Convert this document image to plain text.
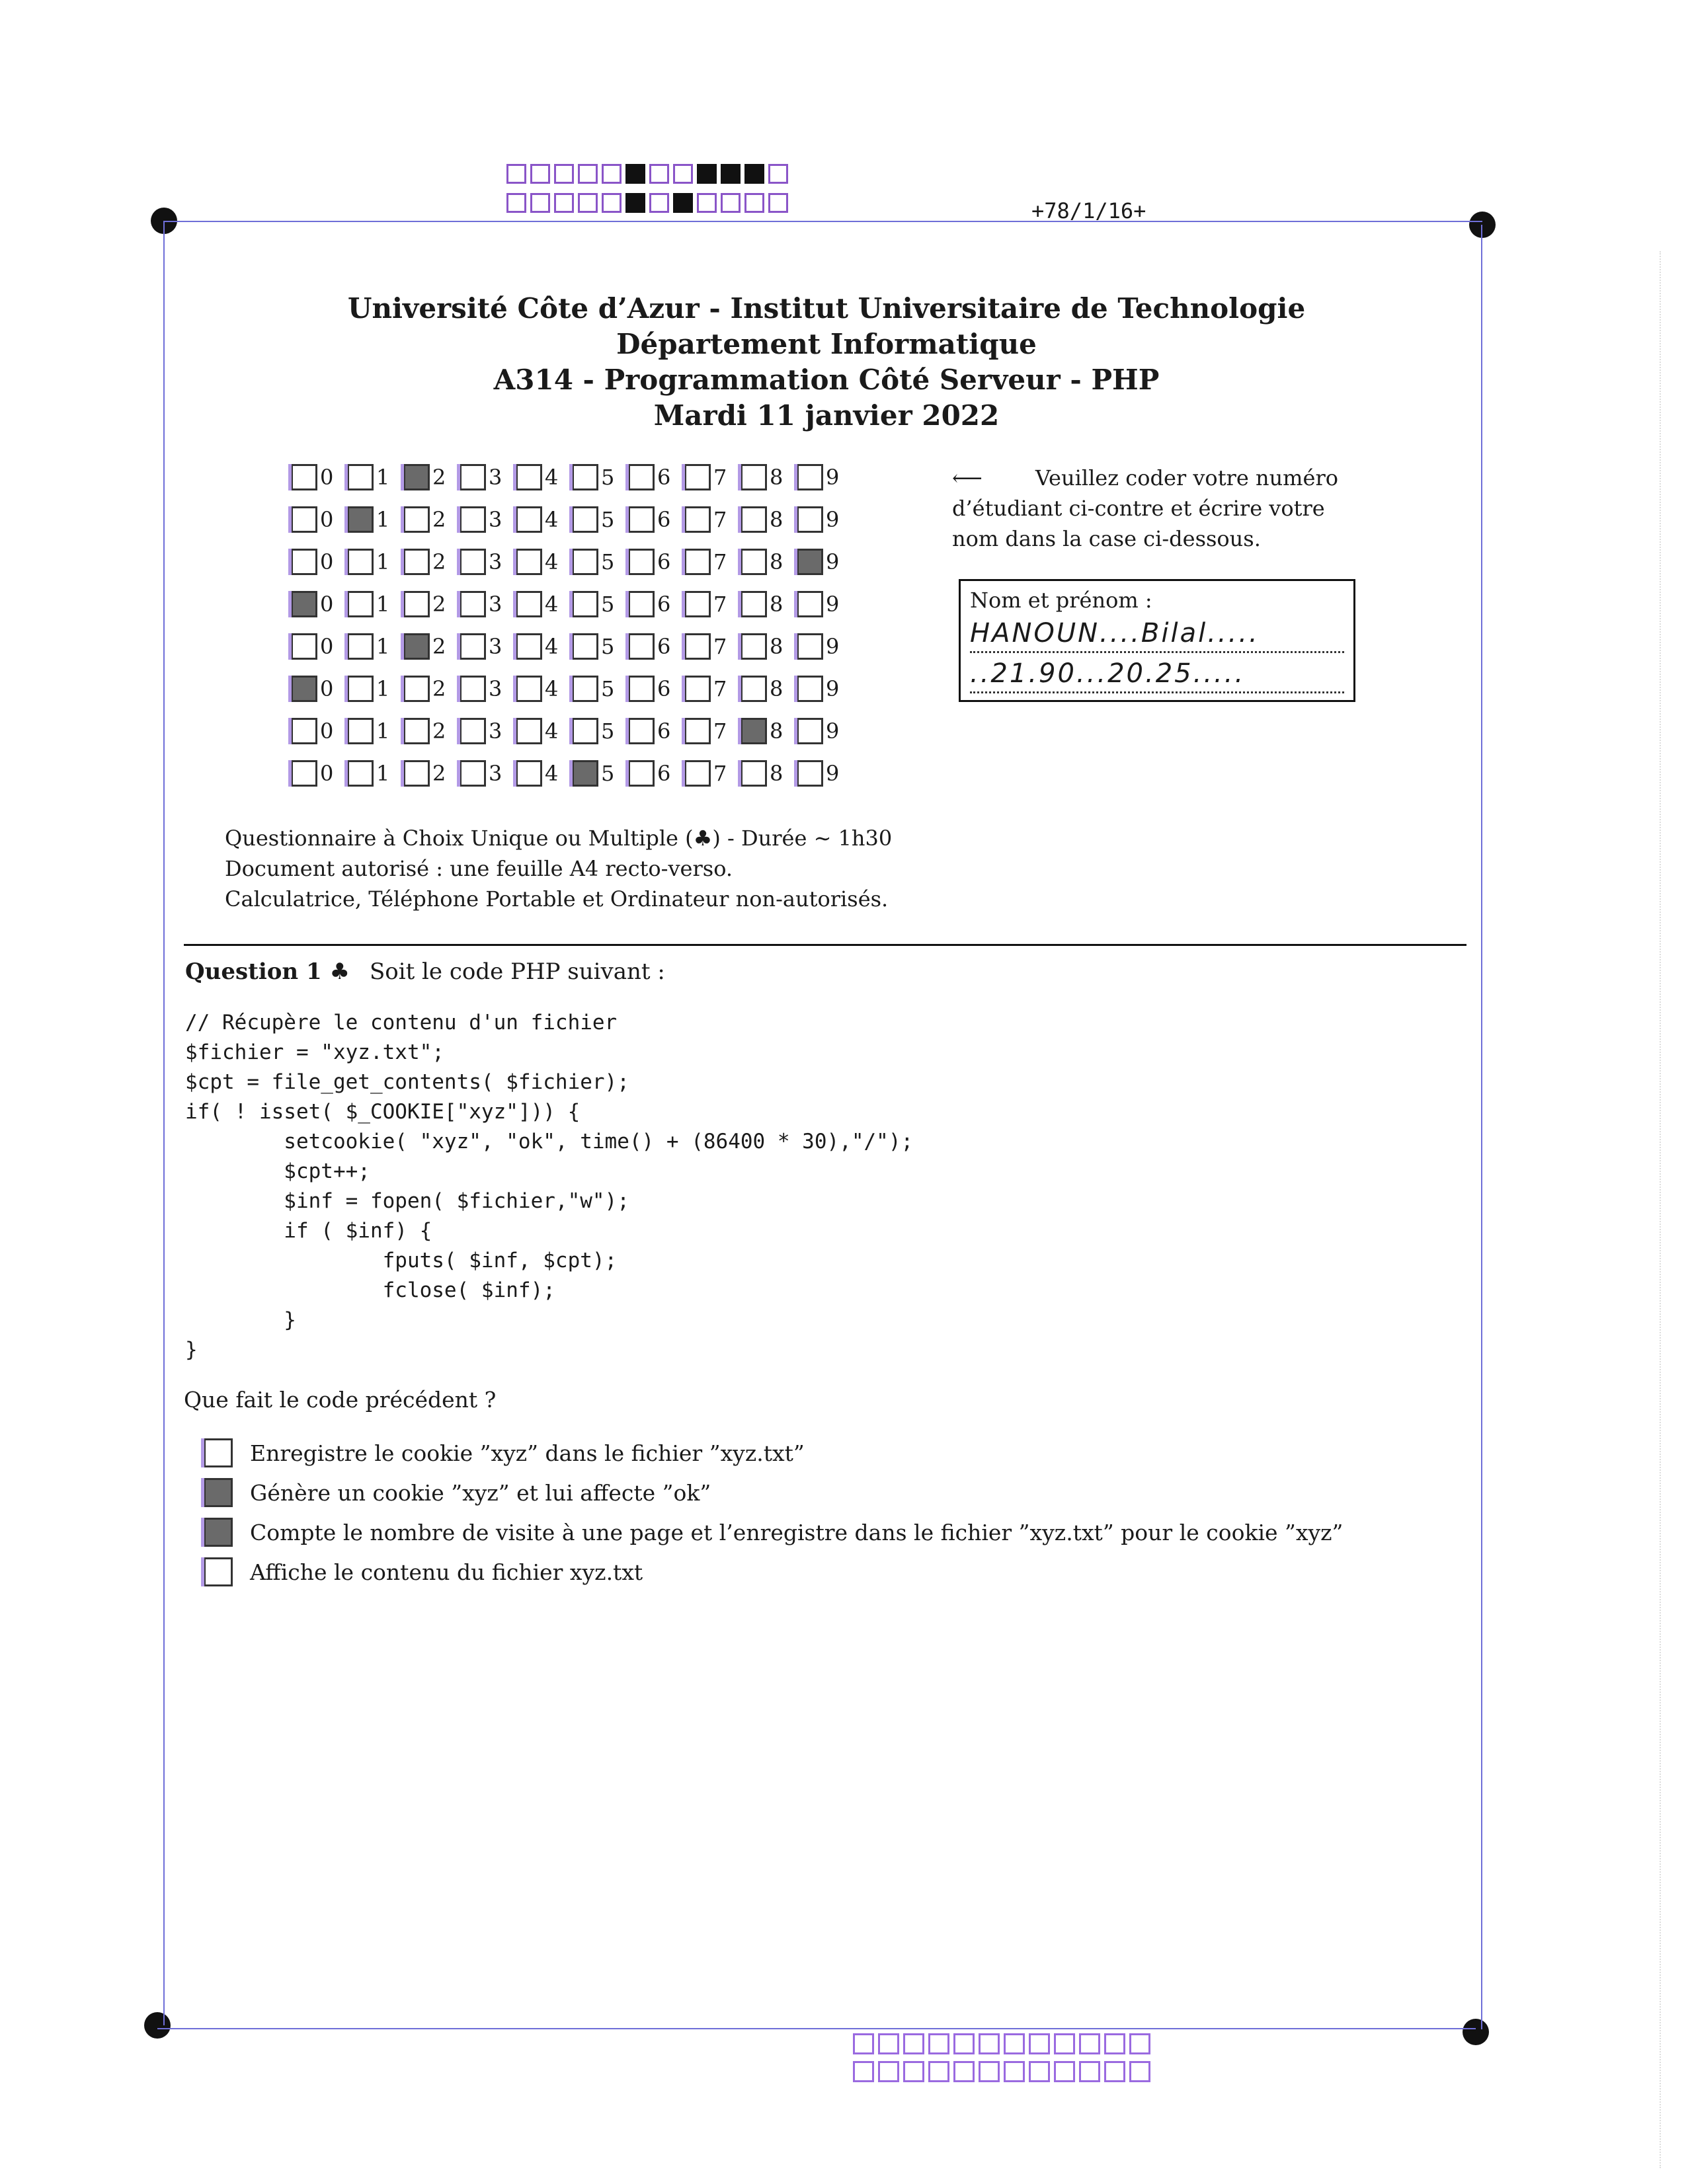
+78/1/16+
Université Côte d’Azur - Institut Universitaire de Technologie
Département Informatique
A314 - Programmation Côté Serveur - PHP
Mardi 11 janvier 2022
0 1 2 3 4 5 6 7 8 9
0 1 2 3 4 5 6 7 8 9
0 1 2 3 4 5 6 7 8 9
0 1 2 3 4 5 6 7 8 9
0 1 2 3 4 5 6 7 8 9
0 1 2 3 4 5 6 7 8 9
0 1 2 3 4 5 6 7 8 9
0 1 2 3 4 5 6 7 8 9
⟵	Veuillez coder votre numéro d’étudiant ci-contre et écrire votre nom dans la case ci-dessous.
Nom et prénom :
HANOUN....Bilal.....
..21.90...20.25.....
Questionnaire à Choix Unique ou Multiple (♣) - Durée ∼ 1h30
Document autorisé : une feuille A4 recto-verso.
Calculatrice, Téléphone Portable et Ordinateur non-autorisés.
Question 1 ♣ Soit le code PHP suivant :
// Récupère le contenu d'un fichier
$fichier = "xyz.txt";
$cpt = file_get_contents( $fichier);
if( ! isset( $_COOKIE["xyz"])) {
setcookie( "xyz", "ok", time() + (86400 * 30),"/");
$cpt++;
$inf = fopen( $fichier,"w");
if ( $inf) {
fputs( $inf, $cpt);
fclose( $inf);
}
}
Que fait le code précédent ?
Enregistre le cookie ”xyz” dans le fichier ”xyz.txt”
Génère un cookie ”xyz” et lui affecte ”ok”
Compte le nombre de visite à une page et l’enregistre dans le fichier ”xyz.txt” pour le cookie ”xyz”
Affiche le contenu du fichier xyz.txt
